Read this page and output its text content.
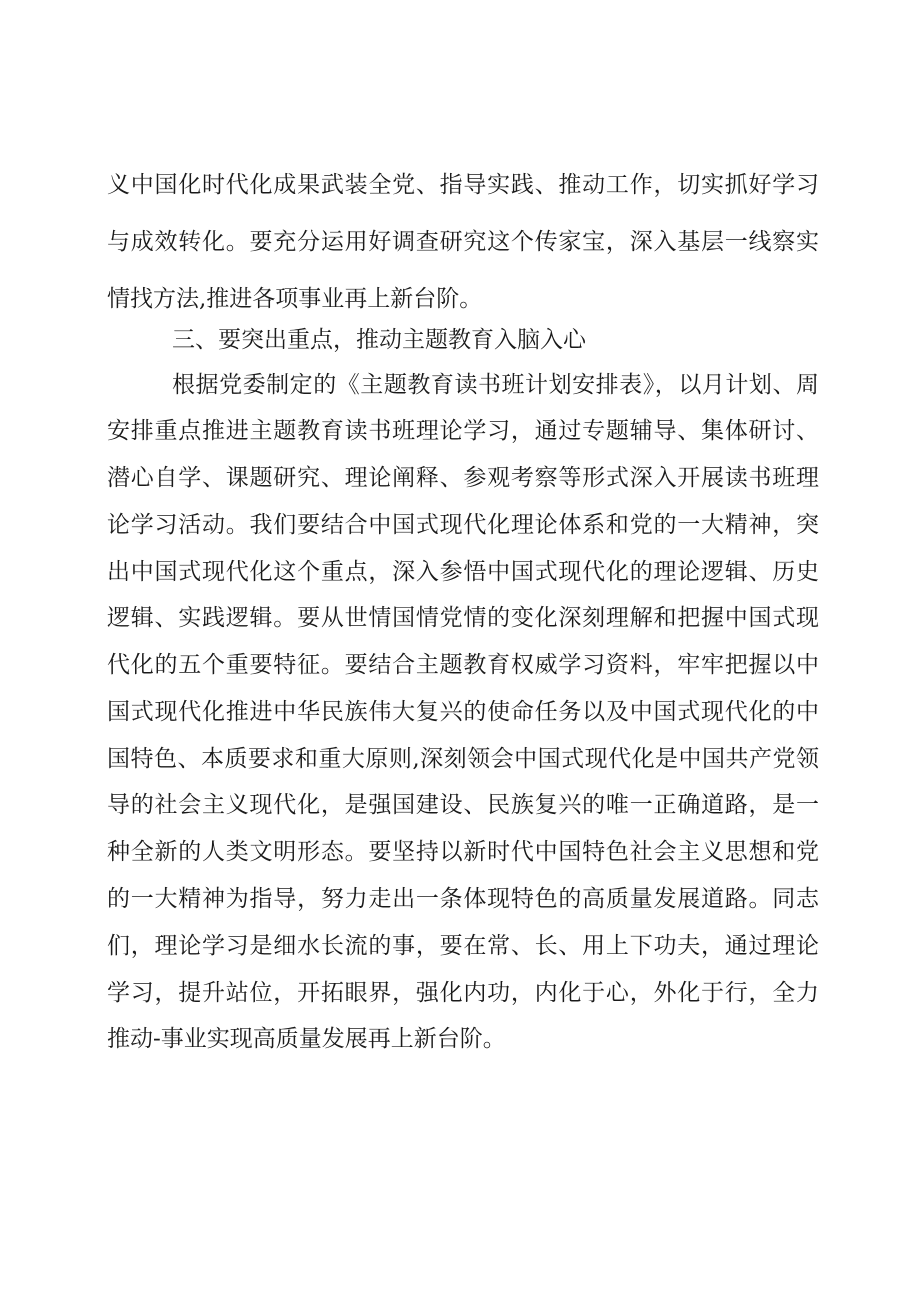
义中国化时代化成果武装全党、指导实践、推动工作，切实抓好学习
与成效转化。要充分运用好调查研究这个传家宝，深入基层一线察实
情找方法,推进各项事业再上新台阶。
三、要突出重点，推动主题教育入脑入心
根据党委制定的《主题教育读书班计划安排表》，以月计划、周
安排重点推进主题教育读书班理论学习，通过专题辅导、集体研讨、
潜心自学、课题研究、理论阐释、参观考察等形式深入开展读书班理
论学习活动。我们要结合中国式现代化理论体系和党的一大精神，突
出中国式现代化这个重点，深入参悟中国式现代化的理论逻辑、历史
逻辑、实践逻辑。要从世情国情党情的变化深刻理解和把握中国式现
代化的五个重要特征。要结合主题教育权威学习资料，牢牢把握以中
国式现代化推进中华民族伟大复兴的使命任务以及中国式现代化的中
国特色、本质要求和重大原则,深刻领会中国式现代化是中国共产党领
导的社会主义现代化，是强国建设、民族复兴的唯一正确道路，是一
种全新的人类文明形态。要坚持以新时代中国特色社会主义思想和党
的一大精神为指导，努力走出一条体现特色的高质量发展道路。同志
们，理论学习是细水长流的事，要在常、长、用上下功夫，通过理论
学习，提升站位，开拓眼界，强化内功，内化于心，外化于行，全力
推动-事业实现高质量发展再上新台阶。
